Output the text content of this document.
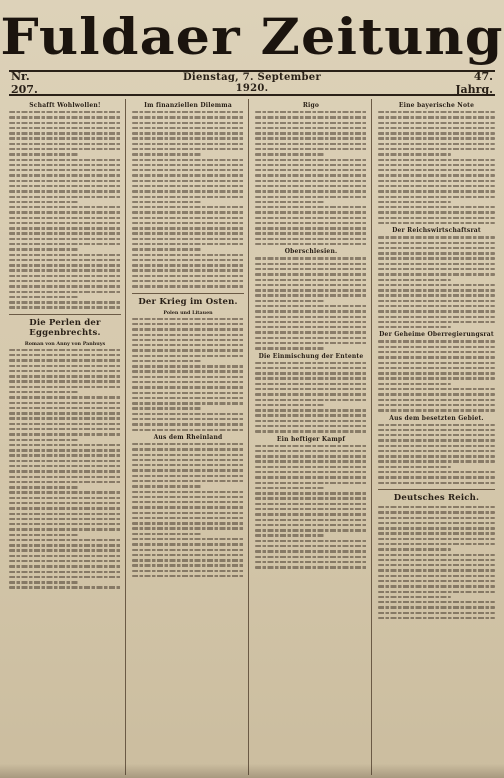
Fuldaer Zeitung
Nr. 207.
Dienstag, 7. September 1920.
47. Jahrg.
Schafft Wohlwollen!
Die Perlen der Eggenbrechts.
Roman von Anny von Panhuys
Im finanziellen Dilemma
Der Krieg im Osten.
Polen und Litauen
Aus dem Rheinland
Rigo
Oberschlesien.
Die Einmischung der Entente
Ein heftiger Kampf
Eine bayerische Note
Der Reichswirtschaftsrat
Der Geheime Oberregierungsrat
Aus dem besetzten Gebiet.
Deutsches Reich.
